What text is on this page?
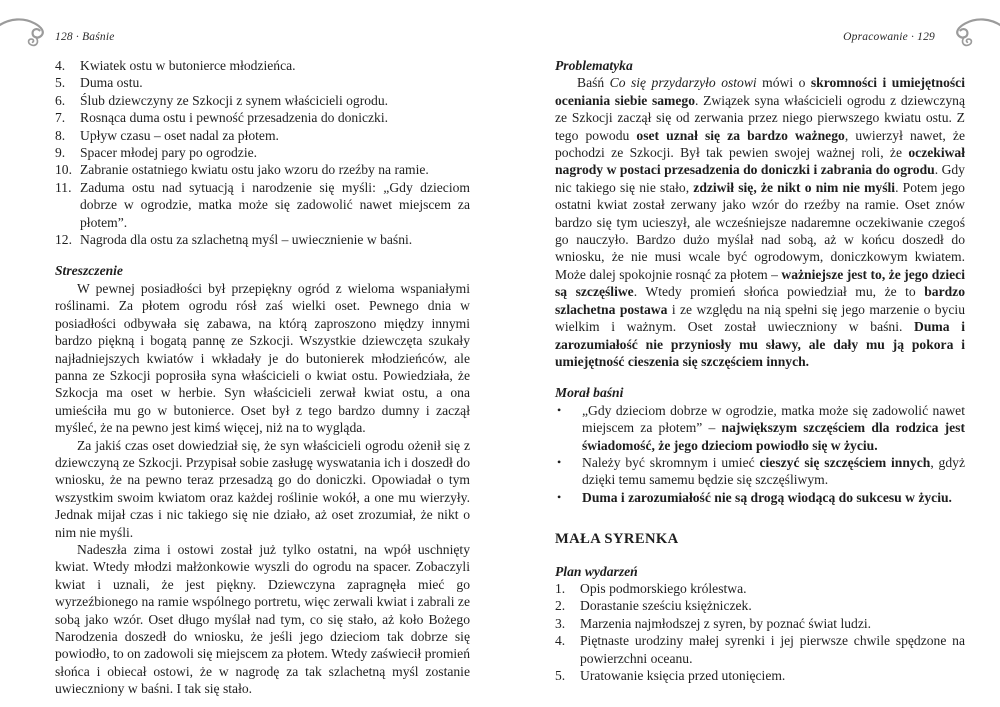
128 · Baśnie
4.	Kwiatek ostu w butonierce młodzieńca.
5.	Duma ostu.
6.	Ślub dziewczyny ze Szkocji z synem właścicieli ogrodu.
7.	Rosnąca duma ostu i pewność przesadzenia do doniczki.
8.	Upływ czasu – oset nadal za płotem.
9.	Spacer młodej pary po ogrodzie.
10. Zabranie ostatniego kwiatu ostu jako wzoru do rzeźby na ramie.
11. Zaduma ostu nad sytuacją i narodzenie się myśli: „Gdy dzieciom dobrze w ogrodzie, matka może się zadowolić nawet miejscem za płotem”.
12. Nagroda dla ostu za szlachetną myśl – uwiecznienie w baśni.
Streszczenie
W pewnej posiadłości był przepiękny ogród z wieloma wspaniałymi roślinami. Za płotem ogrodu rósł zaś wielki oset. Pewnego dnia w posiadłości odbywała się zabawa, na którą zaproszono między innymi bardzo piękną i bogatą pannę ze Szkocji. Wszystkie dziewczęta szukały najładniejszych kwiatów i wkładały je do butonierek młodzieńców, ale panna ze Szkocji poprosiła syna właścicieli o kwiat ostu. Powiedziała, że Szkocja ma oset w herbie. Syn właścicieli zerwał kwiat ostu, a ona umieściła mu go w butonierce. Oset był z tego bardzo dumny i zaczął myśleć, że na pewno jest kimś więcej, niż na to wygląda.
Za jakiś czas oset dowiedział się, że syn właścicieli ogrodu ożenił się z dziewczyną ze Szkocji. Przypisał sobie zasługę wyswatania ich i doszedł do wniosku, że na pewno teraz przesadzą go do doniczki. Opowiadał o tym wszystkim swoim kwiatom oraz każdej roślinie wokół, a one mu wierzyły. Jednak mijał czas i nic takiego się nie działo, aż oset zrozumiał, że nikt o nim nie myśli.
Nadeszła zima i ostowi został już tylko ostatni, na wpół uschnięty kwiat. Wtedy młodzi małżonkowie wyszli do ogrodu na spacer. Zobaczyli kwiat i uznali, że jest piękny. Dziewczyna zapragnęła mieć go wyrzeźbionego na ramie wspólnego portretu, więc zerwali kwiat i zabrali ze sobą jako wzór. Oset długo myślał nad tym, co się stało, aż koło Bożego Narodzenia doszedł do wniosku, że jeśli jego dzieciom tak dobrze się powiodło, to on zadowoli się miejscem za płotem. Wtedy zaświecił promień słońca i obiecał ostowi, że w nagrodę za tak szlachetną myśl zostanie uwieczniony w baśni. I tak się stało.
Opracowanie · 129
Problematyka
Baśń Co się przydarzyło ostowi mówi o skromności i umiejętności oceniania siebie samego. Związek syna właścicieli ogrodu z dziewczyną ze Szkocji zaczął się od zerwania przez niego pierwszego kwiatu ostu. Z tego powodu oset uznał się za bardzo ważnego, uwierzył nawet, że pochodzi ze Szkocji. Był tak pewien swojej ważnej roli, że oczekiwał nagrody w postaci przesadzenia do doniczki i zabrania do ogrodu. Gdy nic takiego się nie stało, zdziwił się, że nikt o nim nie myśli. Potem jego ostatni kwiat został zerwany jako wzór do rzeźby na ramie. Oset znów bardzo się tym ucieszył, ale wcześniejsze nadaremne oczekiwanie czegoś go nauczyło. Bardzo dużo myślał nad sobą, aż w końcu doszedł do wniosku, że nie musi wcale być ogrodowym, doniczkowym kwiatem. Może dalej spokojnie rosnąć za płotem – ważniejsze jest to, że jego dzieci są szczęśliwe. Wtedy promień słońca powiedział mu, że to bardzo szlachetna postawa i ze względu na nią spełni się jego marzenie o byciu wielkim i ważnym. Oset został uwieczniony w baśni. Duma i zarozumiałość nie przyniosły mu sławy, ale dały mu ją pokora i umiejętność cieszenia się szczęściem innych.
Morał baśni
•	„Gdy dzieciom dobrze w ogrodzie, matka może się zadowolić nawet miejscem za płotem” – największym szczęściem dla rodzica jest świadomość, że jego dzieciom powiodło się w życiu.
•	Należy być skromnym i umieć cieszyć się szczęściem innych, gdyż dzięki temu samemu będzie się szczęśliwym.
•	Duma i zarozumiałość nie są drogą wiodącą do sukcesu w życiu.
MAŁA SYRENKA
Plan wydarzeń
1.	Opis podmorskiego królestwa.
2.	Dorastanie sześciu księżniczek.
3.	Marzenia najmłodszej z syren, by poznać świat ludzi.
4.	Piętnaste urodziny małej syrenki i jej pierwsze chwile spędzone na powierzchni oceanu.
5.	Uratowanie księcia przed utonięciem.
